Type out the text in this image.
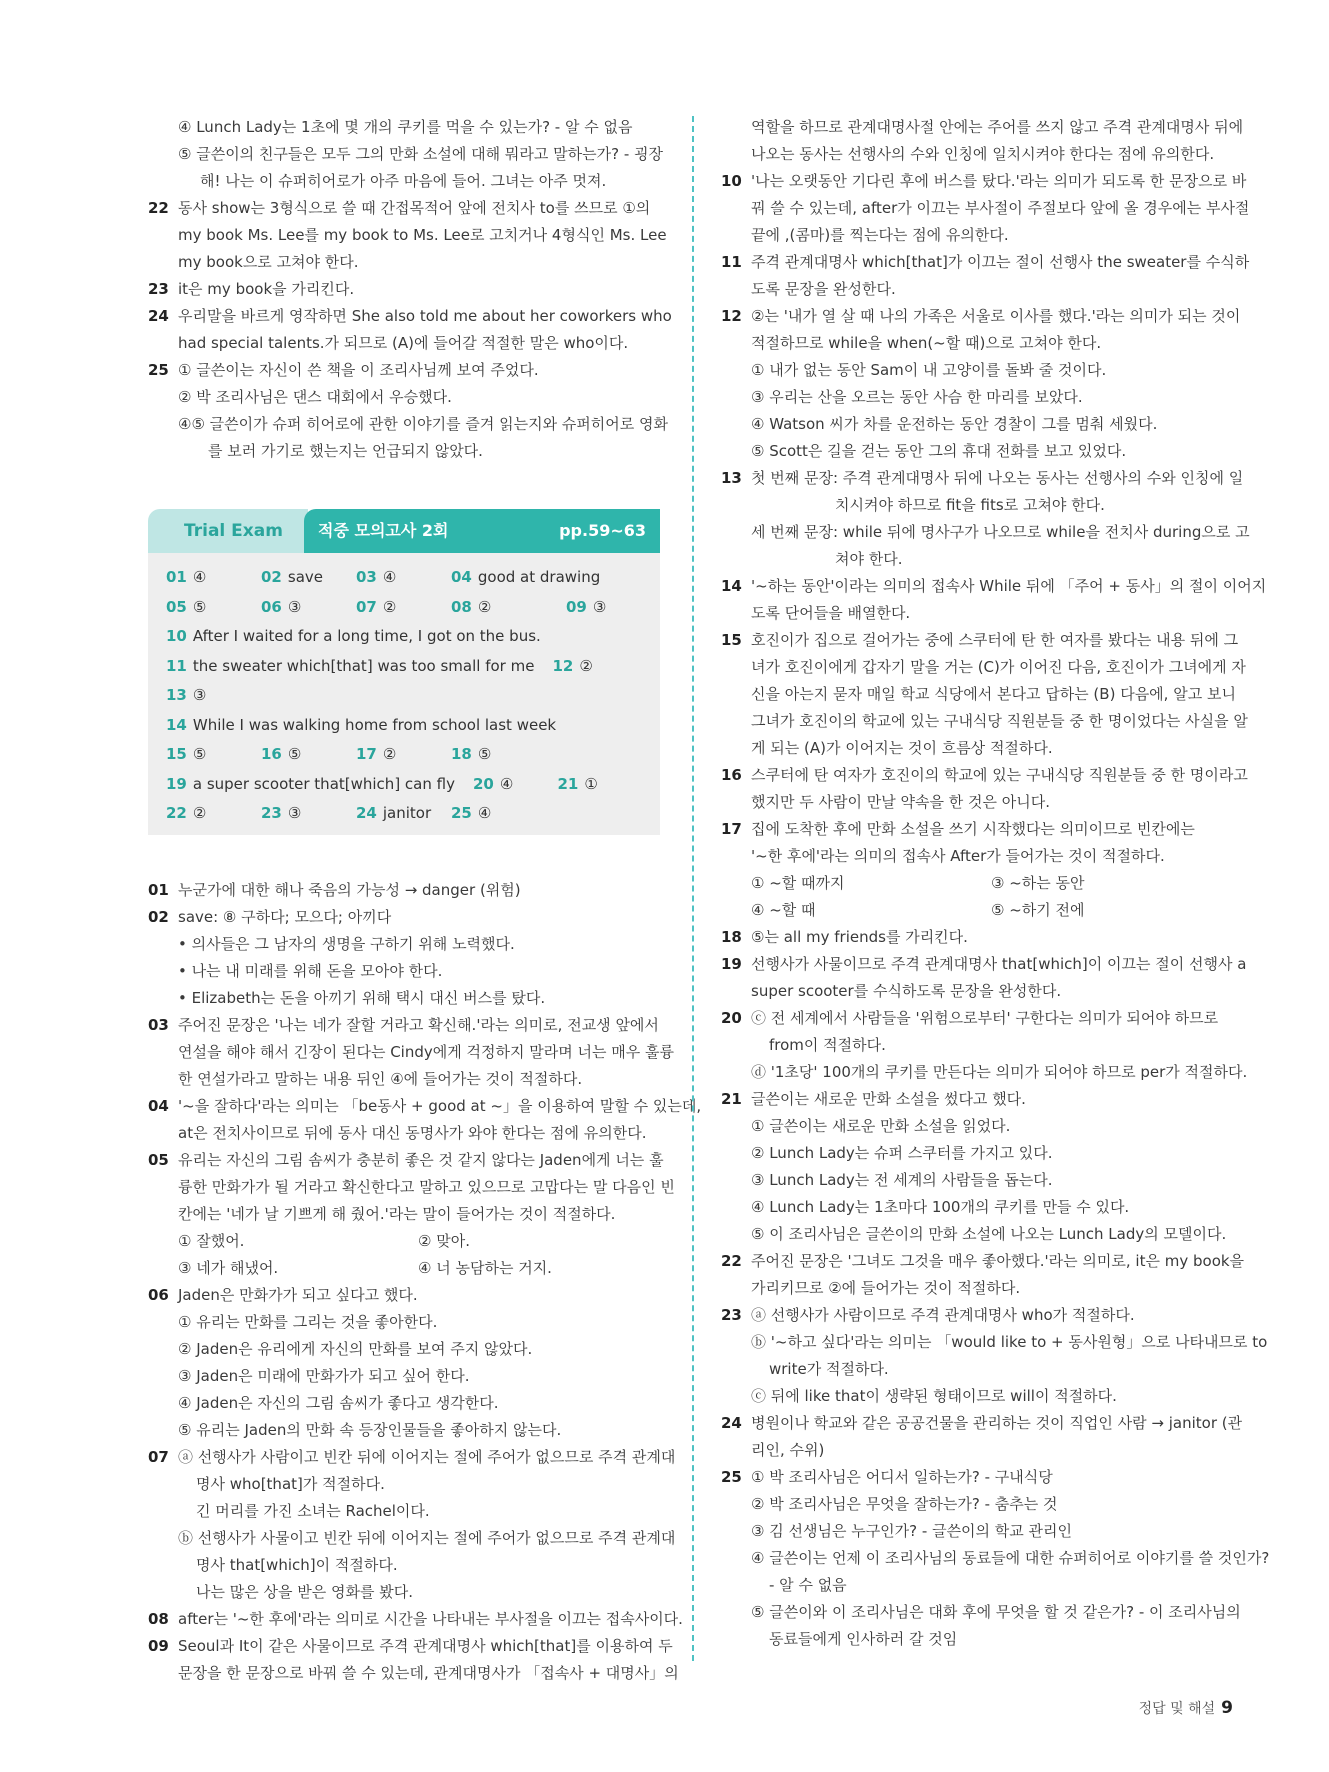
④ Lunch Lady는 1초에 몇 개의 쿠키를 먹을 수 있는가? - 알 수 없음
⑤ 글쓴이의 친구들은 모두 그의 만화 소설에 대해 뭐라고 말하는가? - 굉장
해! 나는 이 슈퍼히어로가 아주 마음에 들어. 그녀는 아주 멋져.
22 동사 show는 3형식으로 쓸 때 간접목적어 앞에 전치사 to를 쓰므로 ①의
my book Ms. Lee를 my book to Ms. Lee로 고치거나 4형식인 Ms. Lee
my book으로 고쳐야 한다.
23 it은 my book을 가리킨다.
24 우리말을 바르게 영작하면 She also told me about her coworkers who
had special talents.가 되므로 (A)에 들어갈 적절한 말은 who이다.
25 ① 글쓴이는 자신이 쓴 책을 이 조리사님께 보여 주었다.
② 박 조리사님은 댄스 대회에서 우승했다.
④⑤ 글쓴이가 슈퍼 히어로에 관한 이야기를 즐겨 읽는지와 슈퍼히어로 영화
를 보러 가기로 했는지는 언급되지 않았다.
Trial Exam	적중 모의고사 2회	pp.59~63
01 ④	02 save 03 ④	04 good at drawing
05 ⑤	06 ③	07 ②	08 ②	09 ③
10 After I waited for a long time, I got on the bus.
11 the sweater which[that] was too small for me 12 ②
13 ③
14 While I was walking home from school last week
15 ⑤	16 ⑤	17 ②	18 ⑤
19 a super scooter that[which] can fly 20 ④	21 ①
22 ②	23 ③	24 janitor 25 ④
01 누군가에 대한 해나 죽음의 가능성 → danger (위험)
02 save: ⑧ 구하다; 모으다; 아끼다
• 의사들은 그 남자의 생명을 구하기 위해 노력했다.
• 나는 내 미래를 위해 돈을 모아야 한다.
• Elizabeth는 돈을 아끼기 위해 택시 대신 버스를 탔다.
03 주어진 문장은 '나는 네가 잘할 거라고 확신해.'라는 의미로, 전교생 앞에서
연설을 해야 해서 긴장이 된다는 Cindy에게 걱정하지 말라며 너는 매우 훌륭
한 연설가라고 말하는 내용 뒤인 ④에 들어가는 것이 적절하다.
04 '~을 잘하다'라는 의미는 「be동사 + good at ~」을 이용하여 말할 수 있는데,
at은 전치사이므로 뒤에 동사 대신 동명사가 와야 한다는 점에 유의한다.
05 유리는 자신의 그림 솜씨가 충분히 좋은 것 같지 않다는 Jaden에게 너는 훌
륭한 만화가가 될 거라고 확신한다고 말하고 있으므로 고맙다는 말 다음인 빈
칸에는 '네가 날 기쁘게 해 줬어.'라는 말이 들어가는 것이 적절하다.
① 잘했어.	② 맞아.
③ 네가 해냈어.	④ 너 농담하는 거지.
06 Jaden은 만화가가 되고 싶다고 했다.
① 유리는 만화를 그리는 것을 좋아한다.
② Jaden은 유리에게 자신의 만화를 보여 주지 않았다.
③ Jaden은 미래에 만화가가 되고 싶어 한다.
④ Jaden은 자신의 그림 솜씨가 좋다고 생각한다.
⑤ 유리는 Jaden의 만화 속 등장인물들을 좋아하지 않는다.
07 ⓐ 선행사가 사람이고 빈칸 뒤에 이어지는 절에 주어가 없으므로 주격 관계대
명사 who[that]가 적절하다.
긴 머리를 가진 소녀는 Rachel이다.
ⓑ 선행사가 사물이고 빈칸 뒤에 이어지는 절에 주어가 없으므로 주격 관계대
명사 that[which]이 적절하다.
나는 많은 상을 받은 영화를 봤다.
08 after는 '~한 후에'라는 의미로 시간을 나타내는 부사절을 이끄는 접속사이다.
09 Seoul과 It이 같은 사물이므로 주격 관계대명사 which[that]를 이용하여 두
문장을 한 문장으로 바꿔 쓸 수 있는데, 관계대명사가 「접속사 + 대명사」의
역할을 하므로 관계대명사절 안에는 주어를 쓰지 않고 주격 관계대명사 뒤에
나오는 동사는 선행사의 수와 인칭에 일치시켜야 한다는 점에 유의한다.
10 '나는 오랫동안 기다린 후에 버스를 탔다.'라는 의미가 되도록 한 문장으로 바
꿔 쓸 수 있는데, after가 이끄는 부사절이 주절보다 앞에 올 경우에는 부사절
끝에 ,(콤마)를 찍는다는 점에 유의한다.
11 주격 관계대명사 which[that]가 이끄는 절이 선행사 the sweater를 수식하
도록 문장을 완성한다.
12 ②는 '내가 열 살 때 나의 가족은 서울로 이사를 했다.'라는 의미가 되는 것이
적절하므로 while을 when(~할 때)으로 고쳐야 한다.
① 내가 없는 동안 Sam이 내 고양이를 돌봐 줄 것이다.
③ 우리는 산을 오르는 동안 사슴 한 마리를 보았다.
④ Watson 씨가 차를 운전하는 동안 경찰이 그를 멈춰 세웠다.
⑤ Scott은 길을 걷는 동안 그의 휴대 전화를 보고 있었다.
13 첫 번째 문장: 주격 관계대명사 뒤에 나오는 동사는 선행사의 수와 인칭에 일
치시켜야 하므로 fit을 fits로 고쳐야 한다.
세 번째 문장: while 뒤에 명사구가 나오므로 while을 전치사 during으로 고
쳐야 한다.
14 '~하는 동안'이라는 의미의 접속사 While 뒤에 「주어 + 동사」의 절이 이어지
도록 단어들을 배열한다.
15 호진이가 집으로 걸어가는 중에 스쿠터에 탄 한 여자를 봤다는 내용 뒤에 그
녀가 호진이에게 갑자기 말을 거는 (C)가 이어진 다음, 호진이가 그녀에게 자
신을 아는지 묻자 매일 학교 식당에서 본다고 답하는 (B) 다음에, 알고 보니
그녀가 호진이의 학교에 있는 구내식당 직원분들 중 한 명이었다는 사실을 알
게 되는 (A)가 이어지는 것이 흐름상 적절하다.
16 스쿠터에 탄 여자가 호진이의 학교에 있는 구내식당 직원분들 중 한 명이라고
했지만 두 사람이 만날 약속을 한 것은 아니다.
17 집에 도착한 후에 만화 소설을 쓰기 시작했다는 의미이므로 빈칸에는
'~한 후에'라는 의미의 접속사 After가 들어가는 것이 적절하다.
① ~할 때까지	③ ~하는 동안
④ ~할 때	⑤ ~하기 전에
18 ⑤는 all my friends를 가리킨다.
19 선행사가 사물이므로 주격 관계대명사 that[which]이 이끄는 절이 선행사 a
super scooter를 수식하도록 문장을 완성한다.
20 ⓒ 전 세계에서 사람들을 '위험으로부터' 구한다는 의미가 되어야 하므로
from이 적절하다.
ⓓ '1초당' 100개의 쿠키를 만든다는 의미가 되어야 하므로 per가 적절하다.
21 글쓴이는 새로운 만화 소설을 썼다고 했다.
① 글쓴이는 새로운 만화 소설을 읽었다.
② Lunch Lady는 슈퍼 스쿠터를 가지고 있다.
③ Lunch Lady는 전 세계의 사람들을 돕는다.
④ Lunch Lady는 1초마다 100개의 쿠키를 만들 수 있다.
⑤ 이 조리사님은 글쓴이의 만화 소설에 나오는 Lunch Lady의 모델이다.
22 주어진 문장은 '그녀도 그것을 매우 좋아했다.'라는 의미로, it은 my book을
가리키므로 ②에 들어가는 것이 적절하다.
23 ⓐ 선행사가 사람이므로 주격 관계대명사 who가 적절하다.
ⓑ '~하고 싶다'라는 의미는 「would like to + 동사원형」으로 나타내므로 to
write가 적절하다.
ⓒ 뒤에 like that이 생략된 형태이므로 will이 적절하다.
24 병원이나 학교와 같은 공공건물을 관리하는 것이 직업인 사람 → janitor (관
리인, 수위)
25 ① 박 조리사님은 어디서 일하는가? - 구내식당
② 박 조리사님은 무엇을 잘하는가? - 춤추는 것
③ 김 선생님은 누구인가? - 글쓴이의 학교 관리인
④ 글쓴이는 언제 이 조리사님의 동료들에 대한 슈퍼히어로 이야기를 쓸 것인가?
- 알 수 없음
⑤ 글쓴이와 이 조리사님은 대화 후에 무엇을 할 것 같은가? - 이 조리사님의
동료들에게 인사하러 갈 것임
정답 및 해설 9
